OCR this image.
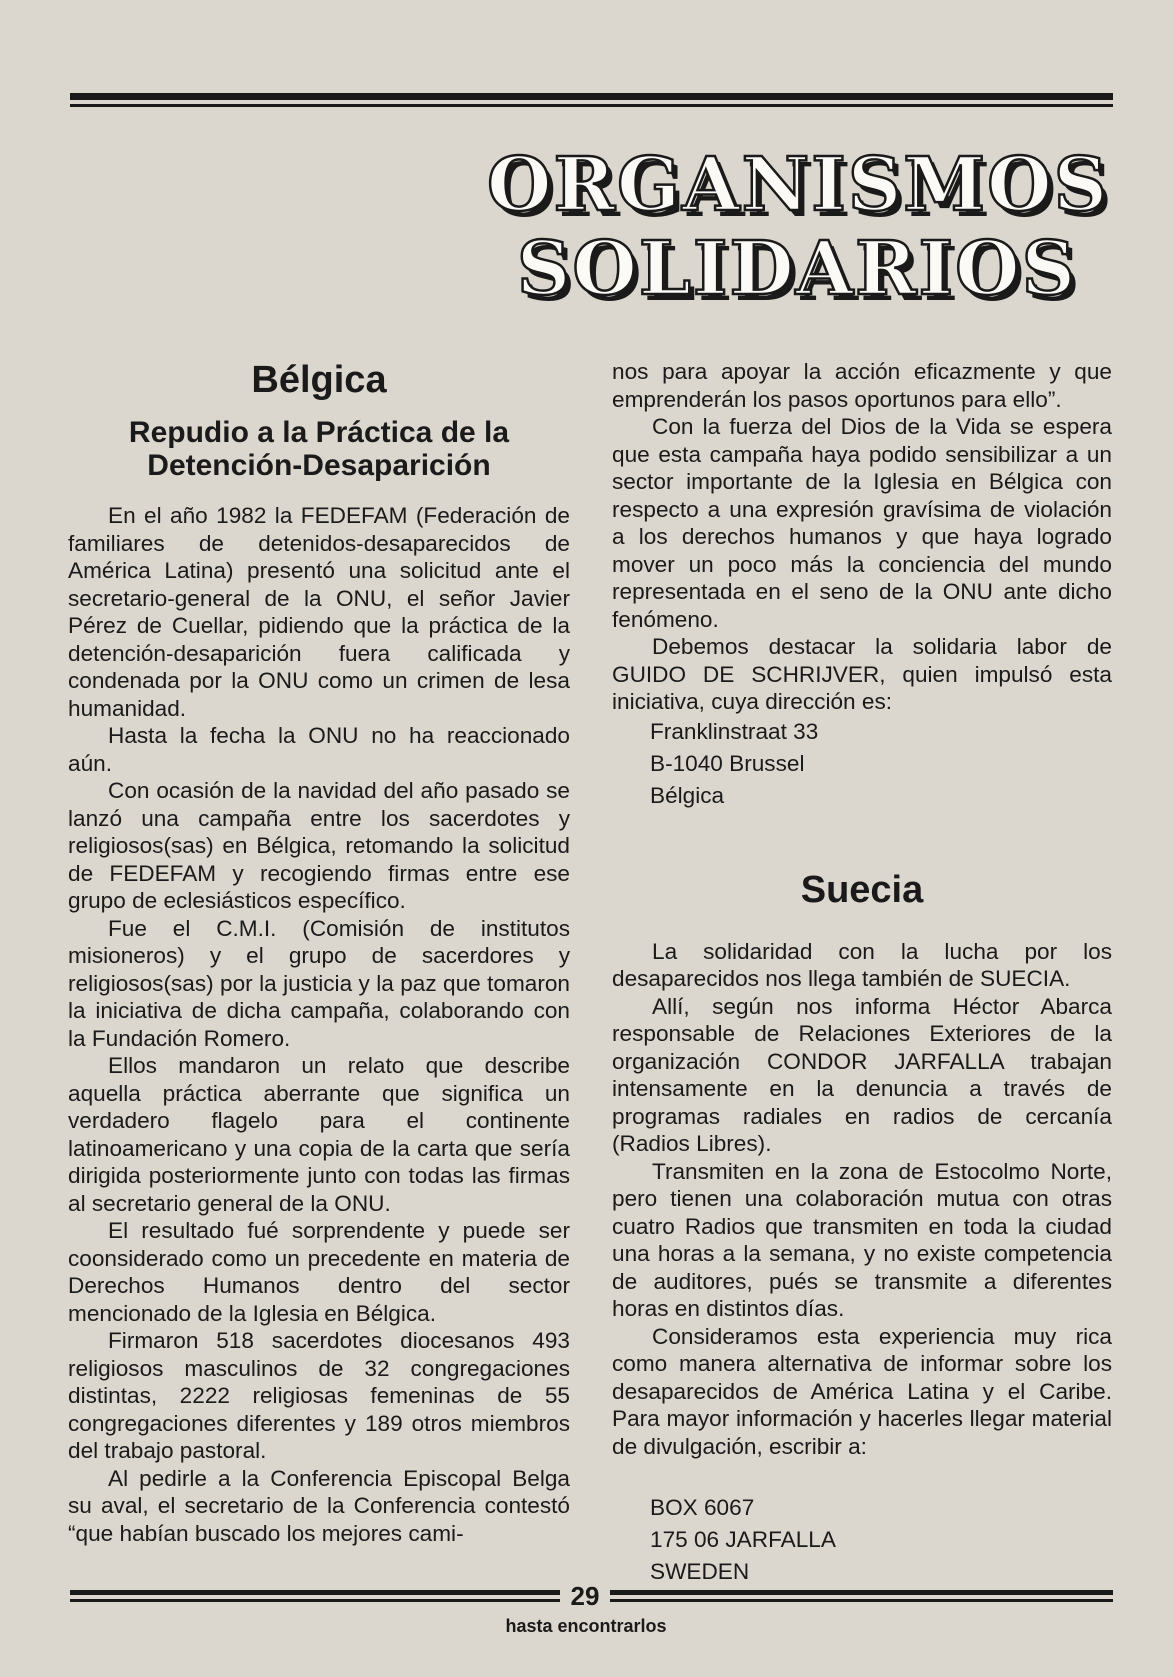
ORGANISMOS
SOLIDARIOS
Bélgica
Repudio a la Práctica de la Detención-Desaparición

En el año 1982 la FEDEFAM (Federación de familiares de detenidos-desaparecidos de América Latina) presentó una solicitud ante el secretario-general de la ONU, el señor Javier Pérez de Cuellar, pidiendo que la práctica de la detención-desaparición fuera calificada y condenada por la ONU como un crimen de lesa humanidad.

Hasta la fecha la ONU no ha reaccionado aún.

Con ocasión de la navidad del año pasado se lanzó una campaña entre los sacerdotes y religiosos(sas) en Bélgica, retomando la solicitud de FEDEFAM y recogiendo firmas entre ese grupo de eclesiásticos específico.

Fue el C.M.I. (Comisión de institutos misioneros) y el grupo de sacerdores y religiosos(sas) por la justicia y la paz que tomaron la iniciativa de dicha campaña, colaborando con la Fundación Romero.

Ellos mandaron un relato que describe aquella práctica aberrante que significa un verdadero flagelo para el continente latinoamericano y una copia de la carta que sería dirigida posteriormente junto con todas las firmas al secretario general de la ONU.

El resultado fué sorprendente y puede ser coonsiderado como un precedente en materia de Derechos Humanos dentro del sector mencionado de la Iglesia en Bélgica.

Firmaron 518 sacerdotes diocesanos 493 religiosos masculinos de 32 congregaciones distintas, 2222 religiosas femeninas de 55 congregaciones diferentes y 189 otros miembros del trabajo pastoral.

Al pedirle a la Conferencia Episcopal Belga su aval, el secretario de la Conferencia contestó “que habían buscado los mejores cami-

nos para apoyar la acción eficazmente y que emprenderán los pasos oportunos para ello”.

Con la fuerza del Dios de la Vida se espera que esta campaña haya podido sensibilizar a un sector importante de la Iglesia en Bélgica con respecto a una expresión gravísima de violación a los derechos humanos y que haya logrado mover un poco más la conciencia del mundo representada en el seno de la ONU ante dicho fenómeno.

Debemos destacar la solidaria labor de GUIDO DE SCHRIJVER, quien impulsó esta iniciativa, cuya dirección es:

Franklinstraat 33
B-1040 Brussel
Bélgica
Suecia

La solidaridad con la lucha por los desaparecidos nos llega también de SUECIA.

Allí, según nos informa Héctor Abarca responsable de Relaciones Exteriores de la organización CONDOR JARFALLA trabajan intensamente en la denuncia a través de programas radiales en radios de cercanía (Radios Libres).

Transmiten en la zona de Estocolmo Norte, pero tienen una colaboración mutua con otras cuatro Radios que transmiten en toda la ciudad una horas a la semana, y no existe competencia de auditores, pués se transmite a diferentes horas en distintos días.

Consideramos esta experiencia muy rica como manera alternativa de informar sobre los desaparecidos de América Latina y el Caribe. Para mayor información y hacerles llegar material de divulgación, escribir a:

BOX 6067
175 06 JARFALLA
SWEDEN
29
hasta encontrarlos
